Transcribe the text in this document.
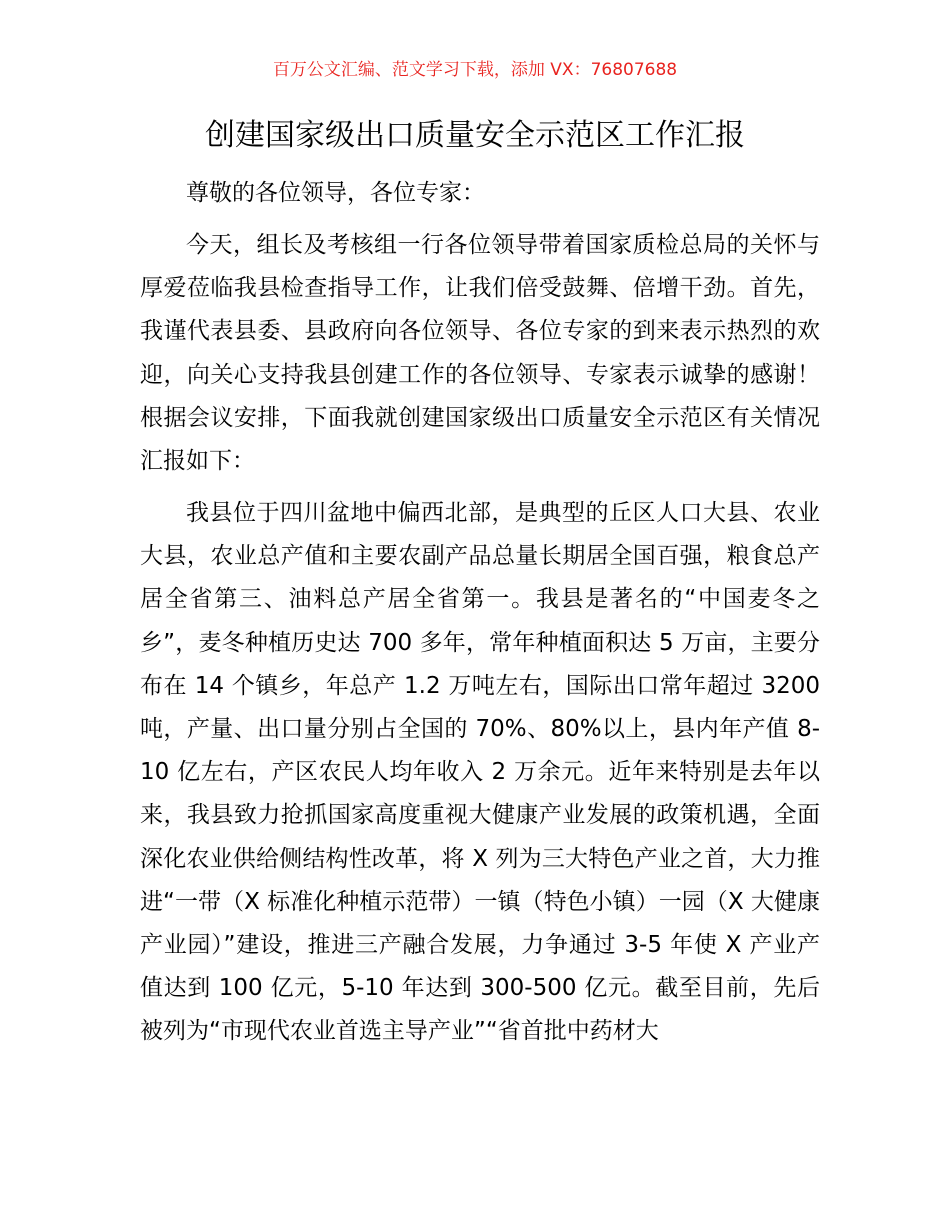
百万公文汇编、范文学习下载，添加 VX：76807688
创建国家级出口质量安全示范区工作汇报

尊敬的各位领导，各位专家：

今天，组长及考核组一行各位领导带着国家质检总局的关怀与厚爱莅临我县检查指导工作，让我们倍受鼓舞、倍增干劲。首先，我谨代表县委、县政府向各位领导、各位专家的到来表示热烈的欢迎，向关心支持我县创建工作的各位领导、专家表示诚挚的感谢！根据会议安排，下面我就创建国家级出口质量安全示范区有关情况汇报如下：

我县位于四川盆地中偏西北部，是典型的丘区人口大县、农业大县，农业总产值和主要农副产品总量长期居全国百强，粮食总产居全省第三、油料总产居全省第一。我县是著名的“中国麦冬之乡”，麦冬种植历史达 700 多年，常年种植面积达 5 万亩，主要分布在 14 个镇乡，年总产 1.2 万吨左右，国际出口常年超过 3200 吨，产量、出口量分别占全国的 70%、80%以上，县内年产值 8-10 亿左右，产区农民人均年收入 2 万余元。近年来特别是去年以来，我县致力抢抓国家高度重视大健康产业发展的政策机遇，全面深化农业供给侧结构性改革，将 X 列为三大特色产业之首，大力推进“一带（X 标准化种植示范带）一镇（特色小镇）一园（X 大健康产业园）”建设，推进三产融合发展，力争通过 3-5 年使 X 产业产值达到 100 亿元，5-10 年达到 300-500 亿元。截至目前，先后被列为“市现代农业首选主导产业”“省首批中药材大
